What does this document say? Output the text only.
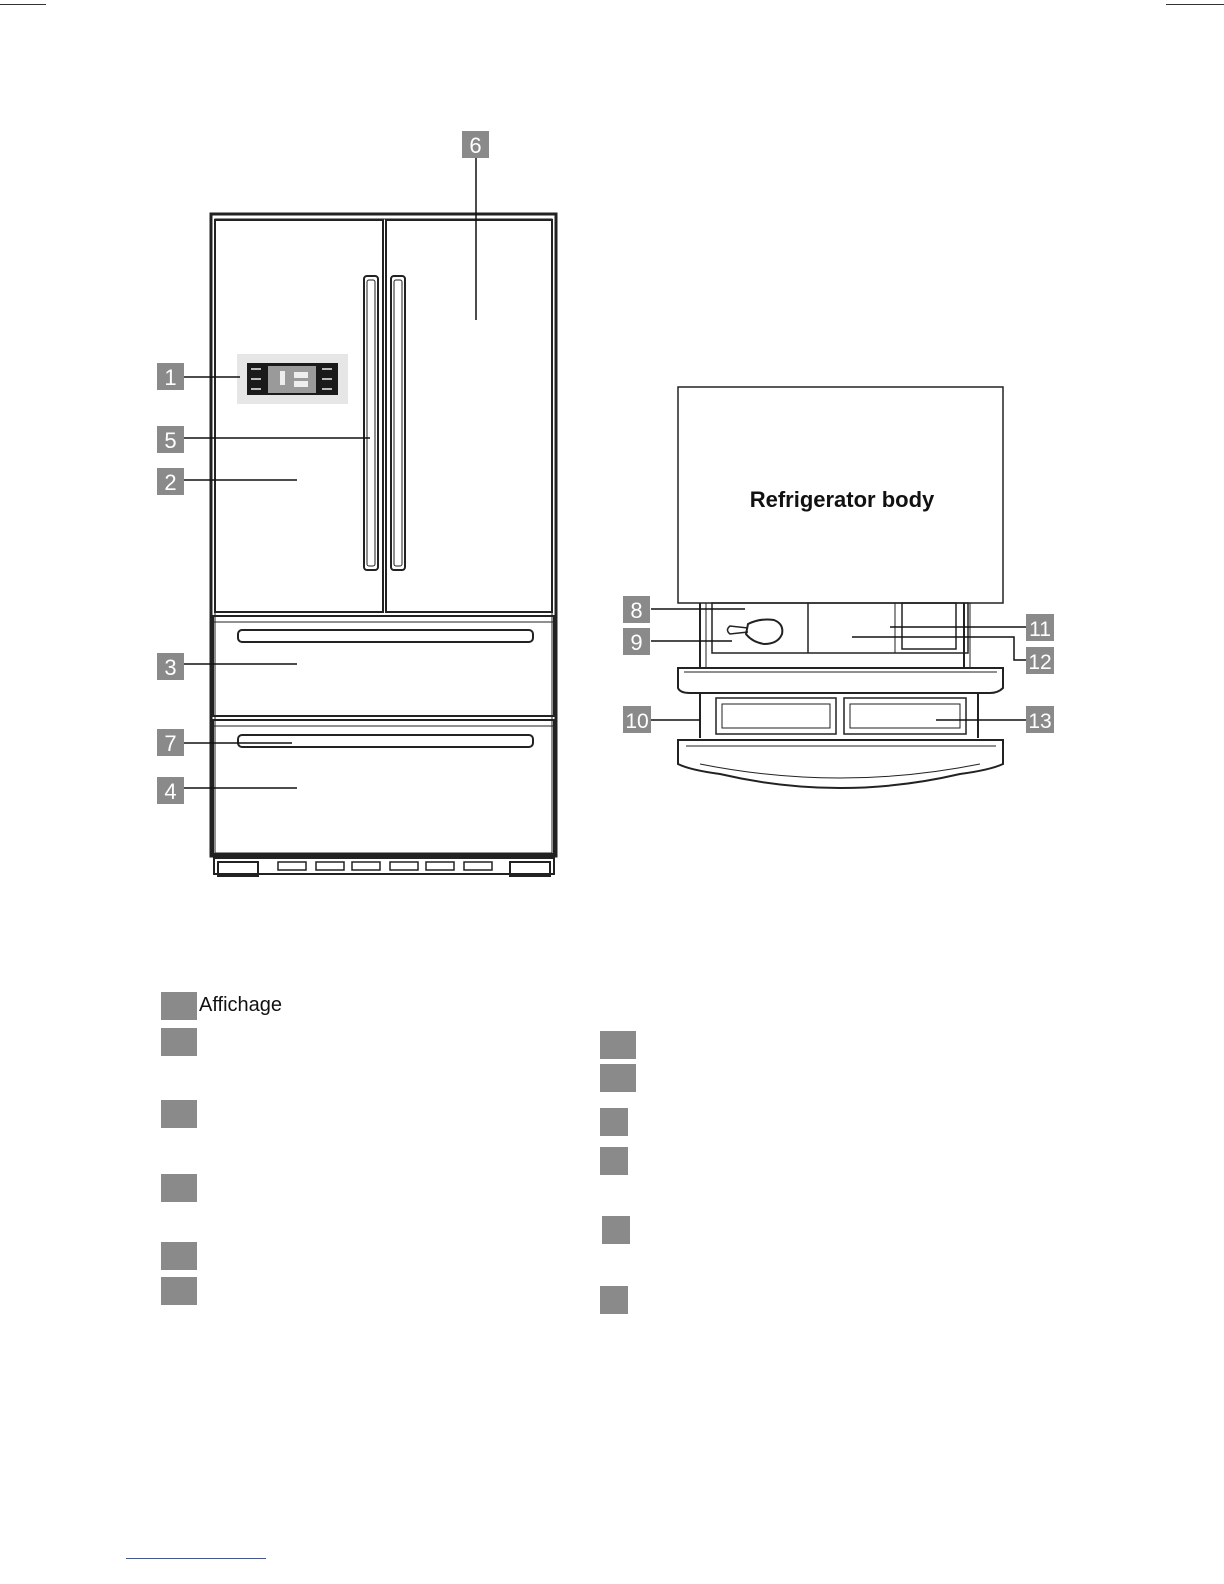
1
5
2
3
7
4
6
8
9
10
11
12
13
Refrigerator body
Affichage
